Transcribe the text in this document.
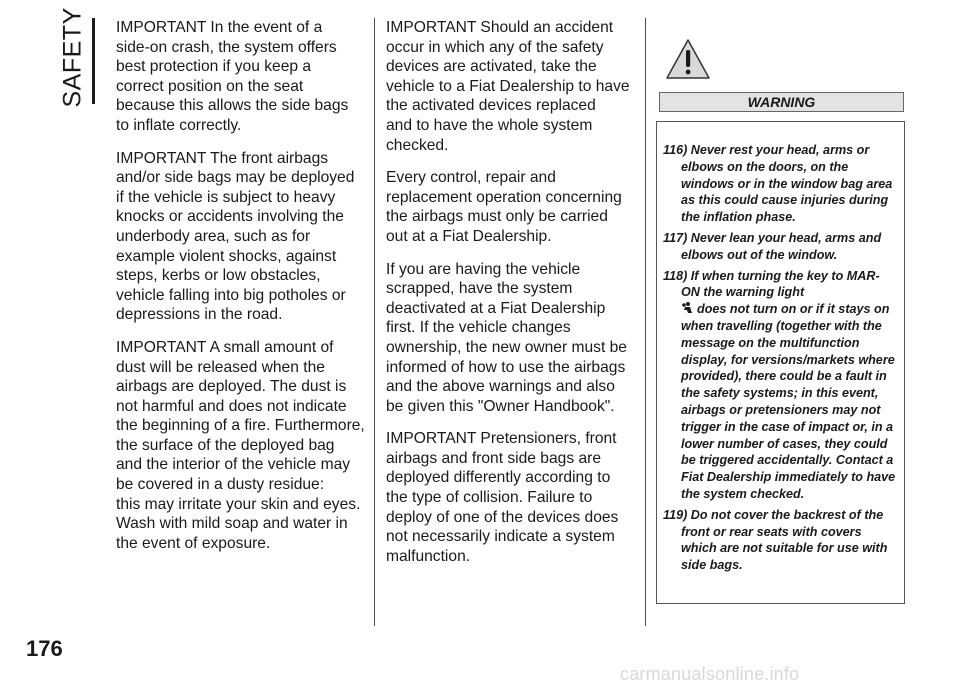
SAFETY IMPORTANT In the event of a
side-on crash, the system offers
best protection if you keep a
correct position on the seat
because this allows the side bags
to inflate correctly.

IMPORTANT The front airbags
and/or side bags may be deployed
if the vehicle is subject to heavy
knocks or accidents involving the
underbody area, such as for
example violent shocks, against
steps, kerbs or low obstacles,
vehicle falling into big potholes or
depressions in the road.

IMPORTANT A small amount of
dust will be released when the
airbags are deployed. The dust is
not harmful and does not indicate
the beginning of a fire. Furthermore,
the surface of the deployed bag
and the interior of the vehicle may
be covered in a dusty residue:
this may irritate your skin and eyes.
Wash with mild soap and water in
the event of exposure.

IMPORTANT Should an accident
occur in which any of the safety
devices are activated, take the
vehicle to a Fiat Dealership to have
the activated devices replaced
and to have the whole system
checked.

Every control, repair and
replacement operation concerning
the airbags must only be carried
out at a Fiat Dealership.

If you are having the vehicle
scrapped, have the system
deactivated at a Fiat Dealership
first. If the vehicle changes
ownership, the new owner must be
informed of how to use the airbags
and the above warnings and also
be given this "Owner Handbook".

IMPORTANT Pretensioners, front
airbags and front side bags are
deployed differently according to
the type of collision. Failure to
deploy of one of the devices does
not necessarily indicate a system
malfunction.

WARNING
116) Never rest your head, arms or elbows on the doors, on the windows or in the window bag area as this could cause injuries during the inflation phase.
117) Never lean your head, arms and elbows out of the window.
118) If when turning the key to MAR-ON the warning light
does not turn on or if it stays on when travelling (together with the message on the multifunction display, for versions/markets where provided), there could be a fault in the safety systems; in this event, airbags or pretensioners may not trigger in the case of impact or, in a lower number of cases, they could be triggered accidentally. Contact a Fiat Dealership immediately to have the system checked.
119) Do not cover the backrest of the front or rear seats with covers which are not suitable for use with side bags.
176
carmanualsonline.info
